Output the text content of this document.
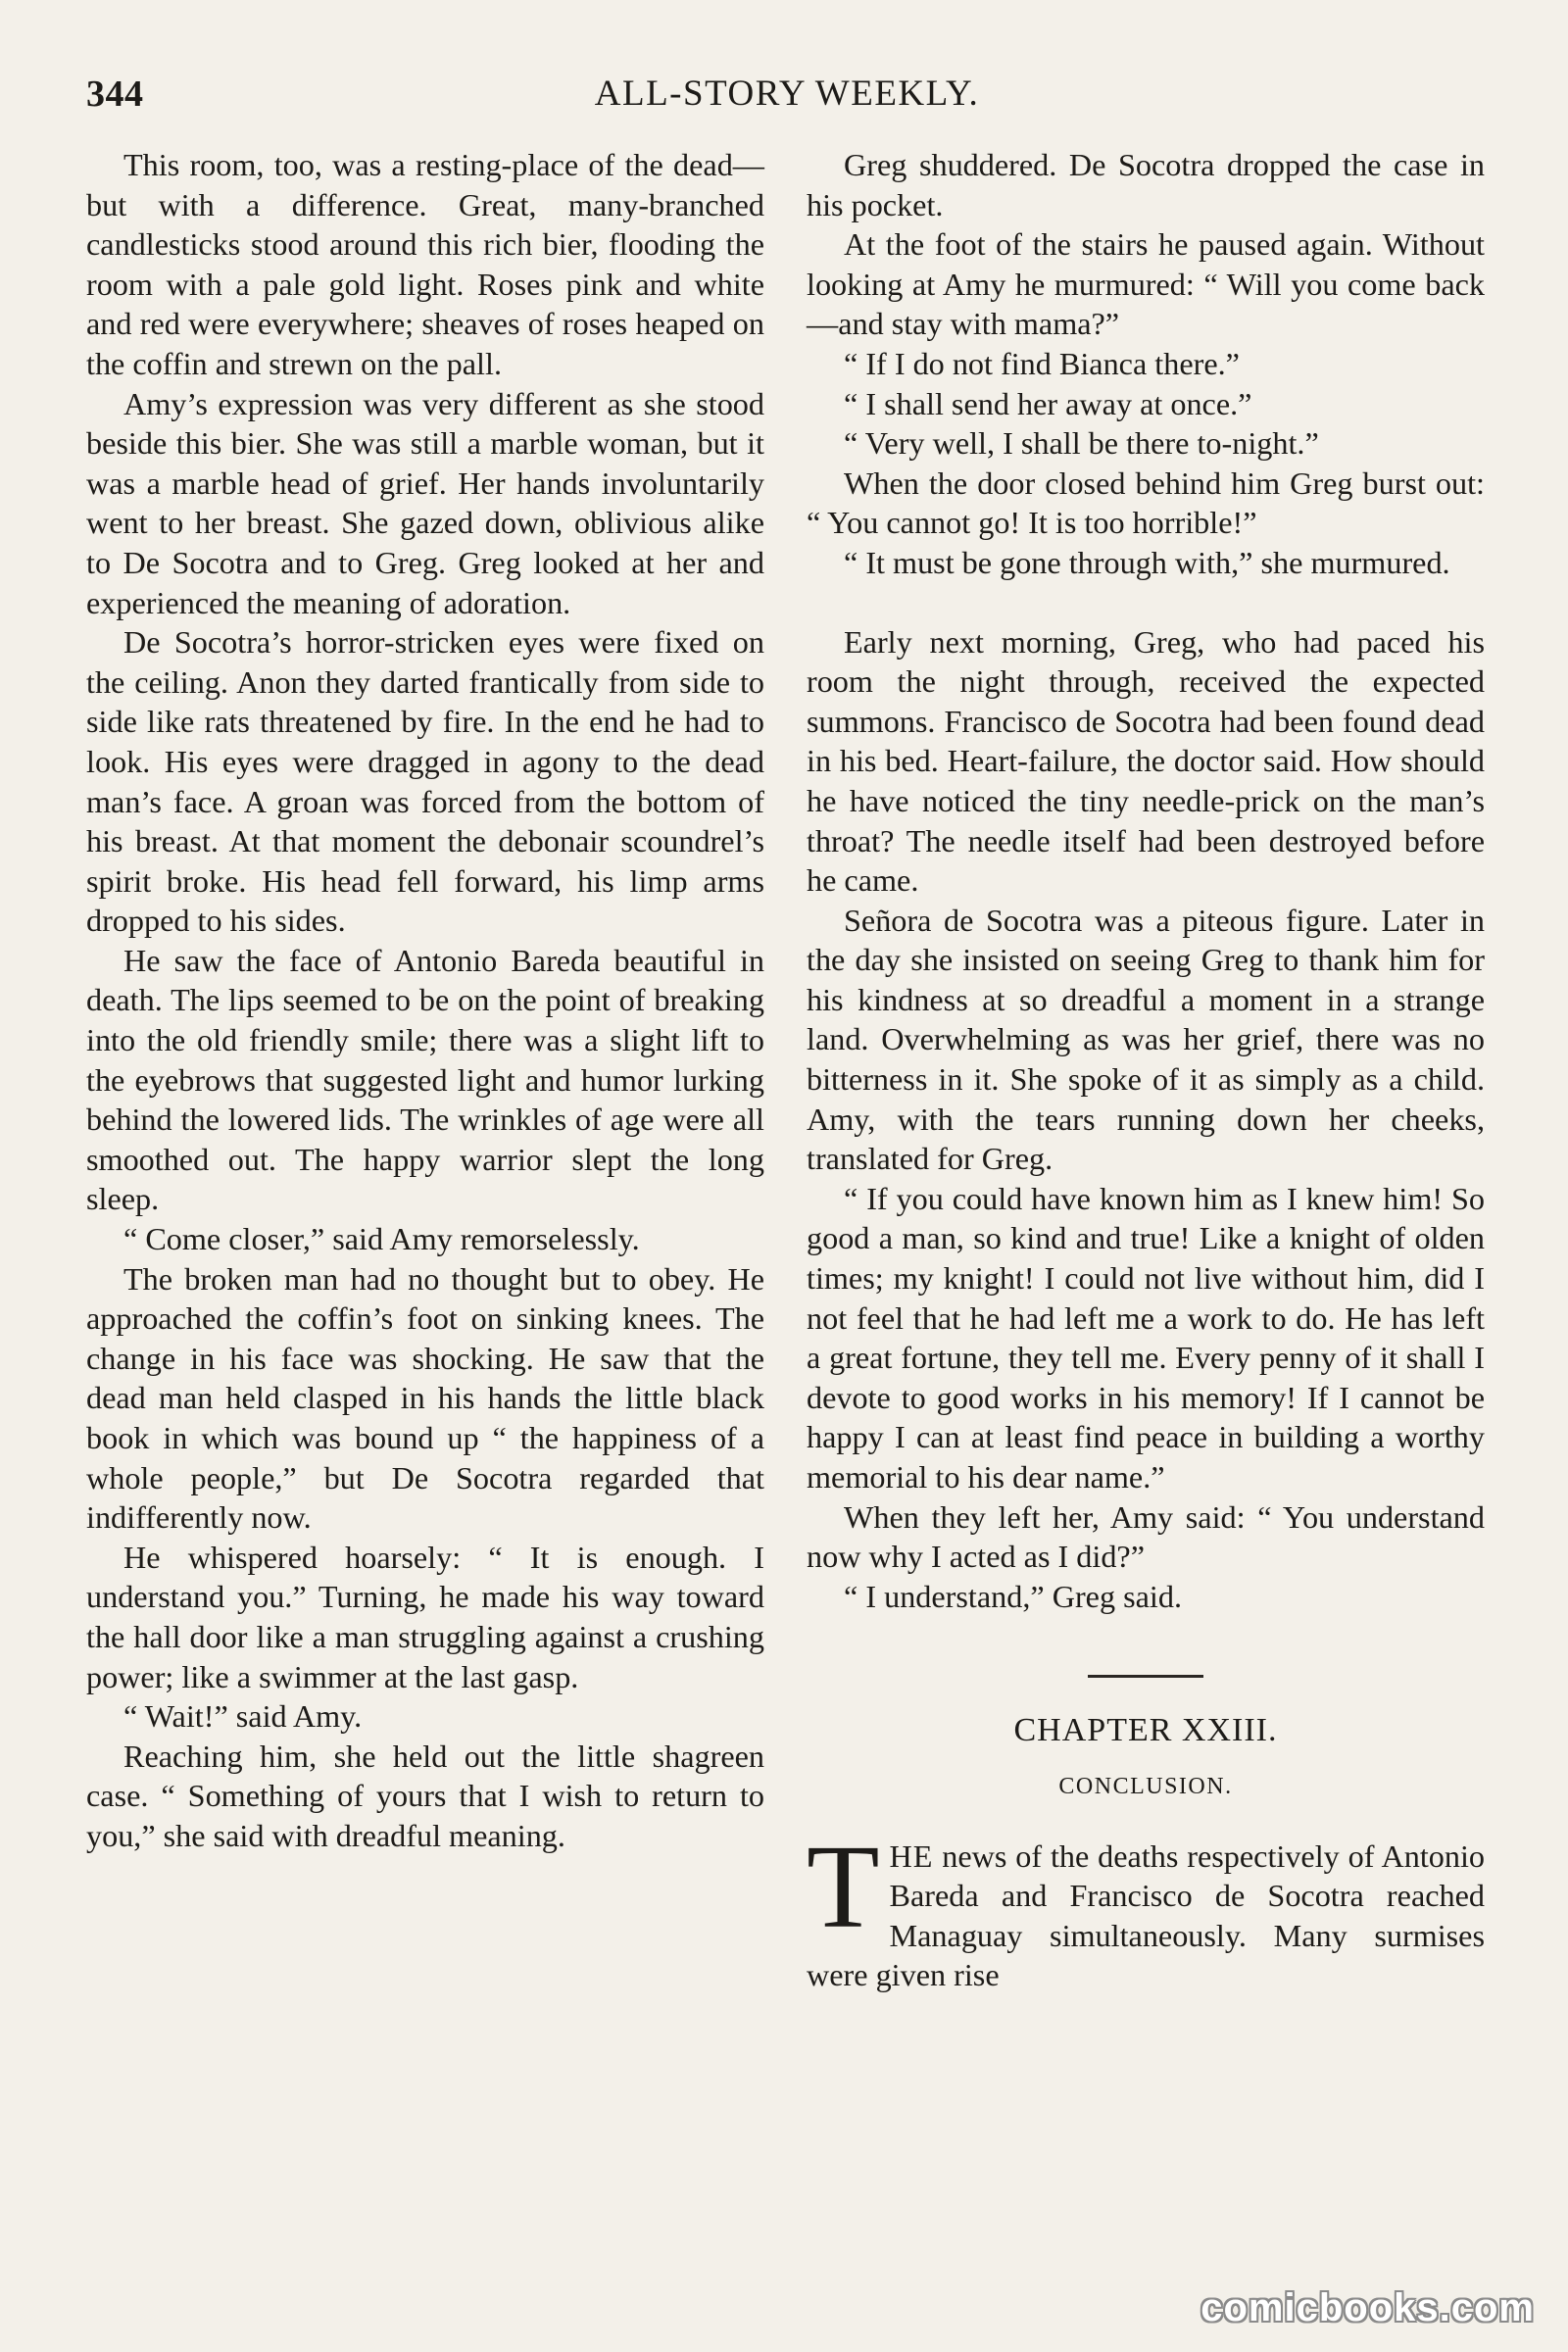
344	ALL-STORY WEEKLY.

This room, too, was a resting-place of the dead—but with a difference. Great, many-branched candlesticks stood around this rich bier, flooding the room with a pale gold light. Roses pink and white and red were everywhere; sheaves of roses heaped on the coffin and strewn on the pall.

Amy’s expression was very different as she stood beside this bier. She was still a marble woman, but it was a marble head of grief. Her hands involuntarily went to her breast. She gazed down, oblivious alike to De Socotra and to Greg. Greg looked at her and experienced the meaning of adoration.

De Socotra’s horror-stricken eyes were fixed on the ceiling. Anon they darted frantically from side to side like rats threatened by fire. In the end he had to look. His eyes were dragged in agony to the dead man’s face. A groan was forced from the bottom of his breast. At that moment the debonair scoundrel’s spirit broke. His head fell forward, his limp arms dropped to his sides.

He saw the face of Antonio Bareda beautiful in death. The lips seemed to be on the point of breaking into the old friendly smile; there was a slight lift to the eyebrows that suggested light and humor lurking behind the lowered lids. The wrinkles of age were all smoothed out. The happy warrior slept the long sleep.

“ Come closer,” said Amy remorselessly.

The broken man had no thought but to obey. He approached the coffin’s foot on sinking knees. The change in his face was shocking. He saw that the dead man held clasped in his hands the little black book in which was bound up “ the happiness of a whole people,” but De Socotra regarded that indifferently now.

He whispered hoarsely: “ It is enough. I understand you.” Turning, he made his way toward the hall door like a man struggling against a crushing power; like a swimmer at the last gasp.

“ Wait!” said Amy.

Reaching him, she held out the little shagreen case. “ Something of yours that I wish to return to you,” she said with dreadful meaning.

Greg shuddered. De Socotra dropped the case in his pocket.

At the foot of the stairs he paused again. Without looking at Amy he murmured: “ Will you come back—and stay with mama?”

“ If I do not find Bianca there.”

“ I shall send her away at once.”

“ Very well, I shall be there to-night.”

When the door closed behind him Greg burst out: “ You cannot go! It is too horrible!”

“ It must be gone through with,” she murmured.

Early next morning, Greg, who had paced his room the night through, received the expected summons. Francisco de Socotra had been found dead in his bed. Heart-failure, the doctor said. How should he have noticed the tiny needle-prick on the man’s throat? The needle itself had been destroyed before he came.

Señora de Socotra was a piteous figure. Later in the day she insisted on seeing Greg to thank him for his kindness at so dreadful a moment in a strange land. Overwhelming as was her grief, there was no bitterness in it. She spoke of it as simply as a child. Amy, with the tears running down her cheeks, translated for Greg.

“ If you could have known him as I knew him! So good a man, so kind and true! Like a knight of olden times; my knight! I could not live without him, did I not feel that he had left me a work to do. He has left a great fortune, they tell me. Every penny of it shall I devote to good works in his memory! If I cannot be happy I can at least find peace in building a worthy memorial to his dear name.”

When they left her, Amy said: “ You understand now why I acted as I did?”

“ I understand,” Greg said.

CHAPTER XXIII.
CONCLUSION.

THE news of the deaths respectively of Antonio Bareda and Francisco de Socotra reached Managuay simultaneously. Many surmises were given rise

comicbooks.com
